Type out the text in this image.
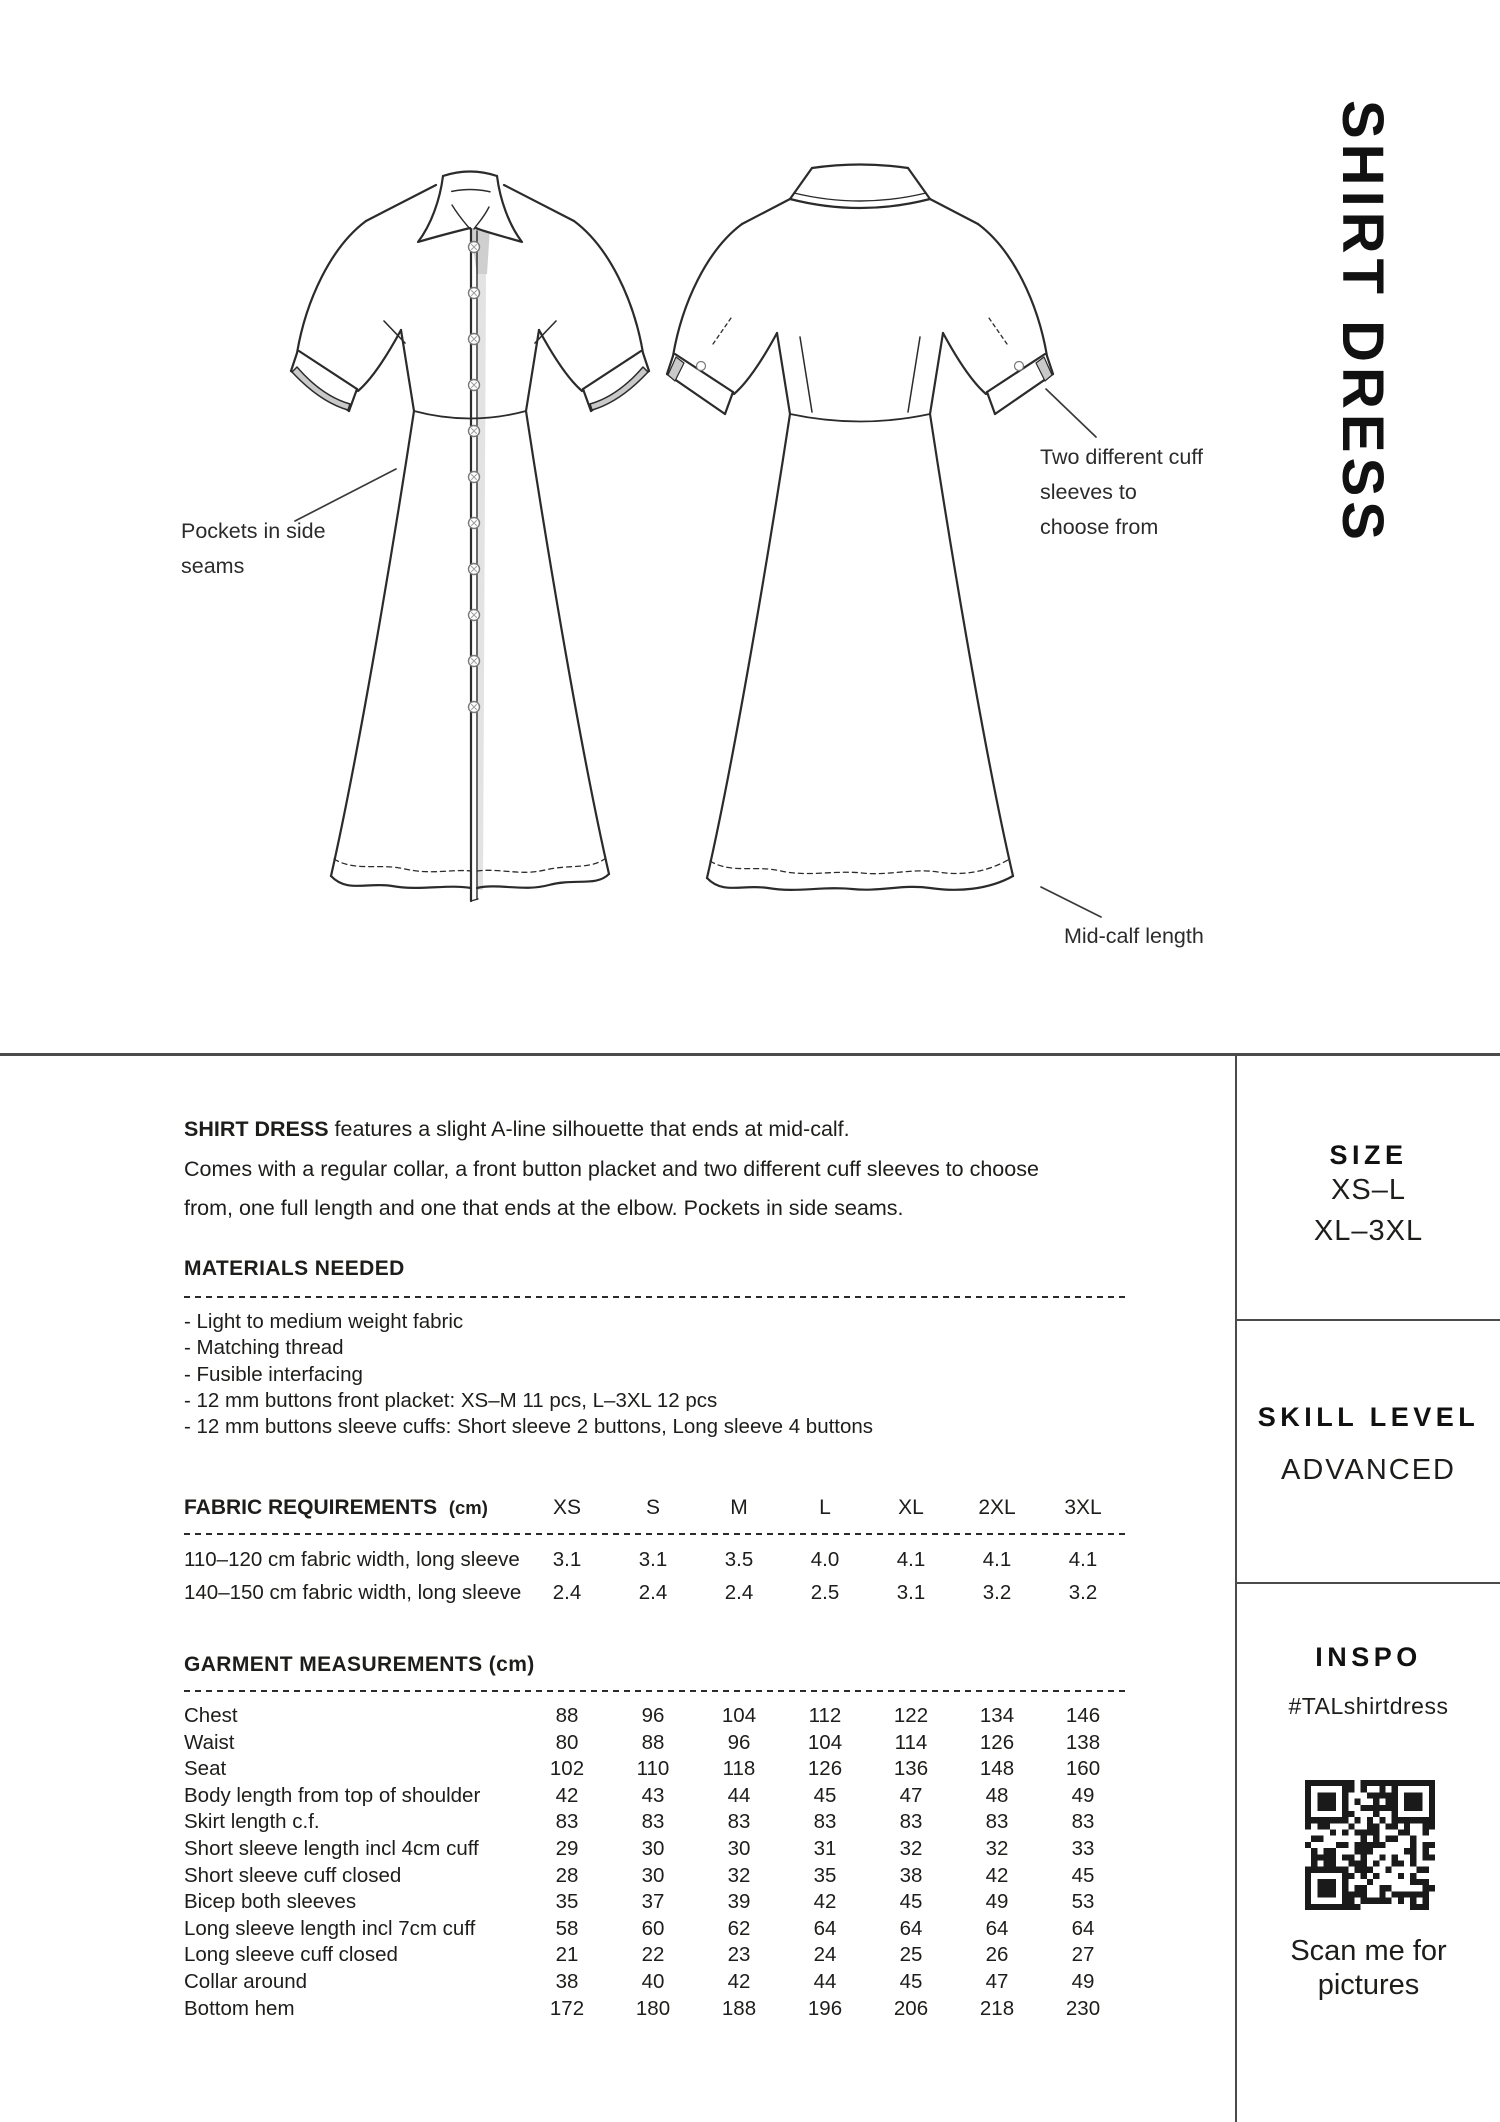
Pockets in side seams
Two different cuff sleeves to choose from
Mid-calf length
SHIRT DRESS
SHIRT DRESS features a slight A-line silhouette that ends at mid-calf.
Comes with a regular collar, a front button placket and two different cuff sleeves to choose from, one full length and one that ends at the elbow. Pockets in side seams.
MATERIALS NEEDED
- Light to medium weight fabric
- Matching thread
- Fusible interfacing
- 12 mm buttons front placket: XS–M 11 pcs, L–3XL 12 pcs
- 12 mm buttons sleeve cuffs: Short sleeve 2 buttons, Long sleeve 4 buttons
FABRIC REQUIREMENTS (cm)	XS	S	M	L	XL	2XL	3XL
110–120 cm fabric width, long sleeve	3.1	3.1	3.5	4.0	4.1	4.1	4.1
140–150 cm fabric width, long sleeve	2.4	2.4	2.4	2.5	3.1	3.2	3.2
GARMENT MEASUREMENTS (cm)
Chest	88	96	104	112	122	134	146
Waist	80	88	96	104	114	126	138
Seat	102	110	118	126	136	148	160
Body length from top of shoulder	42	43	44	45	47	48	49
Skirt length c.f.	83	83	83	83	83	83	83
Short sleeve length incl 4cm cuff	29	30	30	31	32	32	33
Short sleeve cuff closed	28	30	32	35	38	42	45
Bicep both sleeves	35	37	39	42	45	49	53
Long sleeve length incl 7cm cuff	58	60	62	64	64	64	64
Long sleeve cuff closed	21	22	23	24	25	26	27
Collar around	38	40	42	44	45	47	49
Bottom hem	172	180	188	196	206	218	230
SIZE
XS–L
XL–3XL
SKILL LEVEL
ADVANCED
INSPO
#TALshirtdress
Scan me for pictures
